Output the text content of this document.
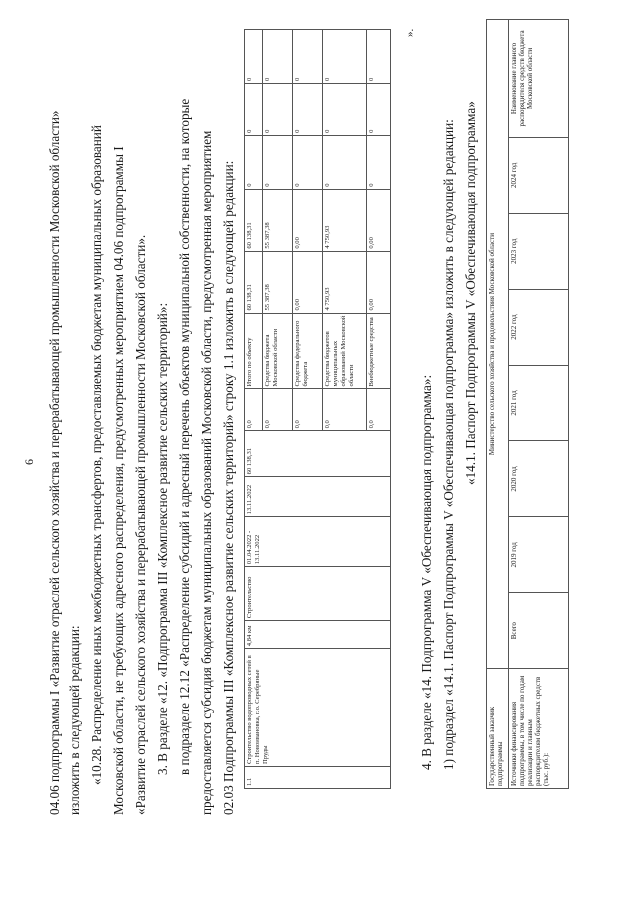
6 04.06 подпрограммы I «Развитие отраслей сельского хозяйства и перерабатывающей промышленности Московской области» изложить в следующей редакции: «10.28. Распределение иных межбюджетных трансфертов, предоставляемых бюджетам муниципальных образований Московской области, не требующих адресного распределения, предусмотренных мероприятием 04.06 подпрограммы I «Развитие отраслей сельского хозяйства и перерабатывающей промышленности Московской области». 3. В разделе «12. «Подпрограмма III «Комплексное развитие сельских территорий»: в подразделе 12.12 «Распределение субсидий и адресный перечень объектов муниципальной собственности, на которые предоставляется субсидия бюджетам муниципальных образований Московской области, предусмотренная мероприятием 02.03 Подпрограммы III «Комплексное развитие сельских территорий» строку 1.1 изложить в следующей редакции:	1.1	Строительство водопроводных сетей в п. Новоивановка, г.о. Серебряные Пруды	4,84 км	Строительство	01.04.2022 - 13.11.2022	13.11.2022	60 138,31	0,0	Итого по объекту	60 138,31	60 138,31	0	0	0
							0,0	Средства бюджета Московской области	55 387,38	55 387,38	0	0	0
							0,0	Средства федерального бюджета	0,00	0,00	0	0	0
							0,0	Средства бюджетов муниципальных образований Московской области	4 750,93	4 750,93	0	0	0
							0,0	Внебюджетные средства	0,00	0,00	0	0	0
».
4. В разделе «14. Подпрограмма V «Обеспечивающая подпрограмма»: 1) подраздел «14.1. Паспорт Подпрограммы V «Обеспечивающая подпрограмма» изложить в следующей редакции: «14.1. Паспорт Подпрограммы V «Обеспечивающая подпрограмма»
Государственный заказчик подпрограммы	Министерство сельского хозяйства и продовольствия Московской области							
Источники финансирования подпрограммы, в том числе по годам реализации и главным распорядителям бюджетных средств (тыс. руб.):	Всего	2019 год	2020 год	2021 год	2022 год	2023 год	2024 год	Наименование главного распорядителя средств бюджета Московской области
